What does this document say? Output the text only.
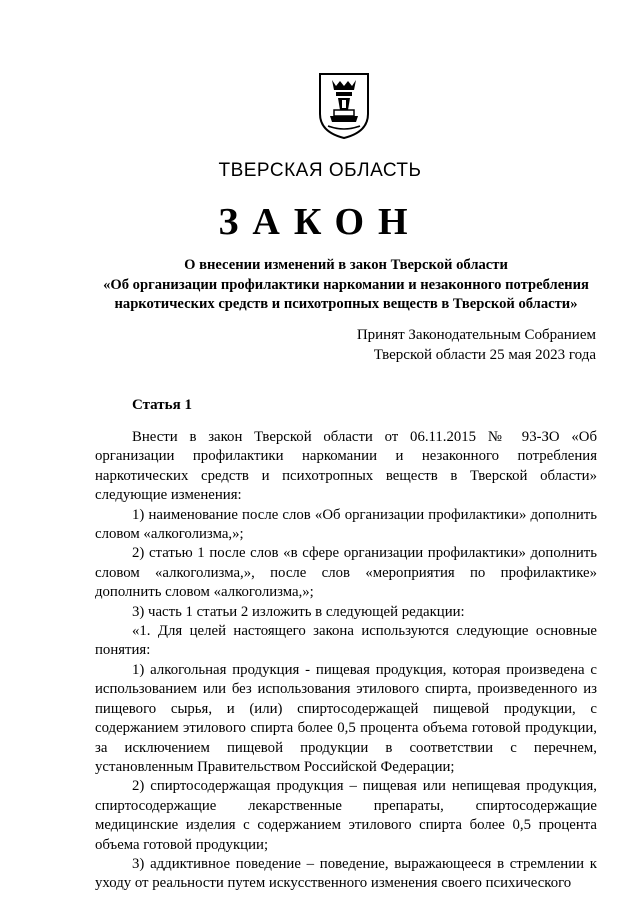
ТВЕРСКАЯ ОБЛАСТЬ
ЗАКОН
О внесении изменений в закон Тверской области
«Об организации профилактики наркомании и незаконного потребления
наркотических средств и психотропных веществ в Тверской области»
Принят Законодательным Собранием
Тверской области 25 мая 2023 года
Статья 1

Внести в закон Тверской области от 06.11.2015 № 93-ЗО «Об организации профилактики наркомании и незаконного потребления наркотических средств и психотропных веществ в Тверской области» следующие изменения:

1) наименование после слов «Об организации профилактики» дополнить словом «алкоголизма,»;

2) статью 1 после слов «в сфере организации профилактики» дополнить словом «алкоголизма,», после слов «мероприятия по профилактике» дополнить словом «алкоголизма,»;

3) часть 1 статьи 2 изложить в следующей редакции:

«1. Для целей настоящего закона используются следующие основные понятия:

1) алкогольная продукция - пищевая продукция, которая произведена с использованием или без использования этилового спирта, произведенного из пищевого сырья, и (или) спиртосодержащей пищевой продукции, с содержанием этилового спирта более 0,5 процента объема готовой продукции, за исключением пищевой продукции в соответствии с перечнем, установленным Правительством Российской Федерации;

2) спиртосодержащая продукция – пищевая или непищевая продукция, спиртосодержащие лекарственные препараты, спиртосодержащие медицинские изделия с содержанием этилового спирта более 0,5 процента объема готовой продукции;

3) аддиктивное поведение – поведение, выражающееся в стремлении к уходу от реальности путем искусственного изменения своего психического
